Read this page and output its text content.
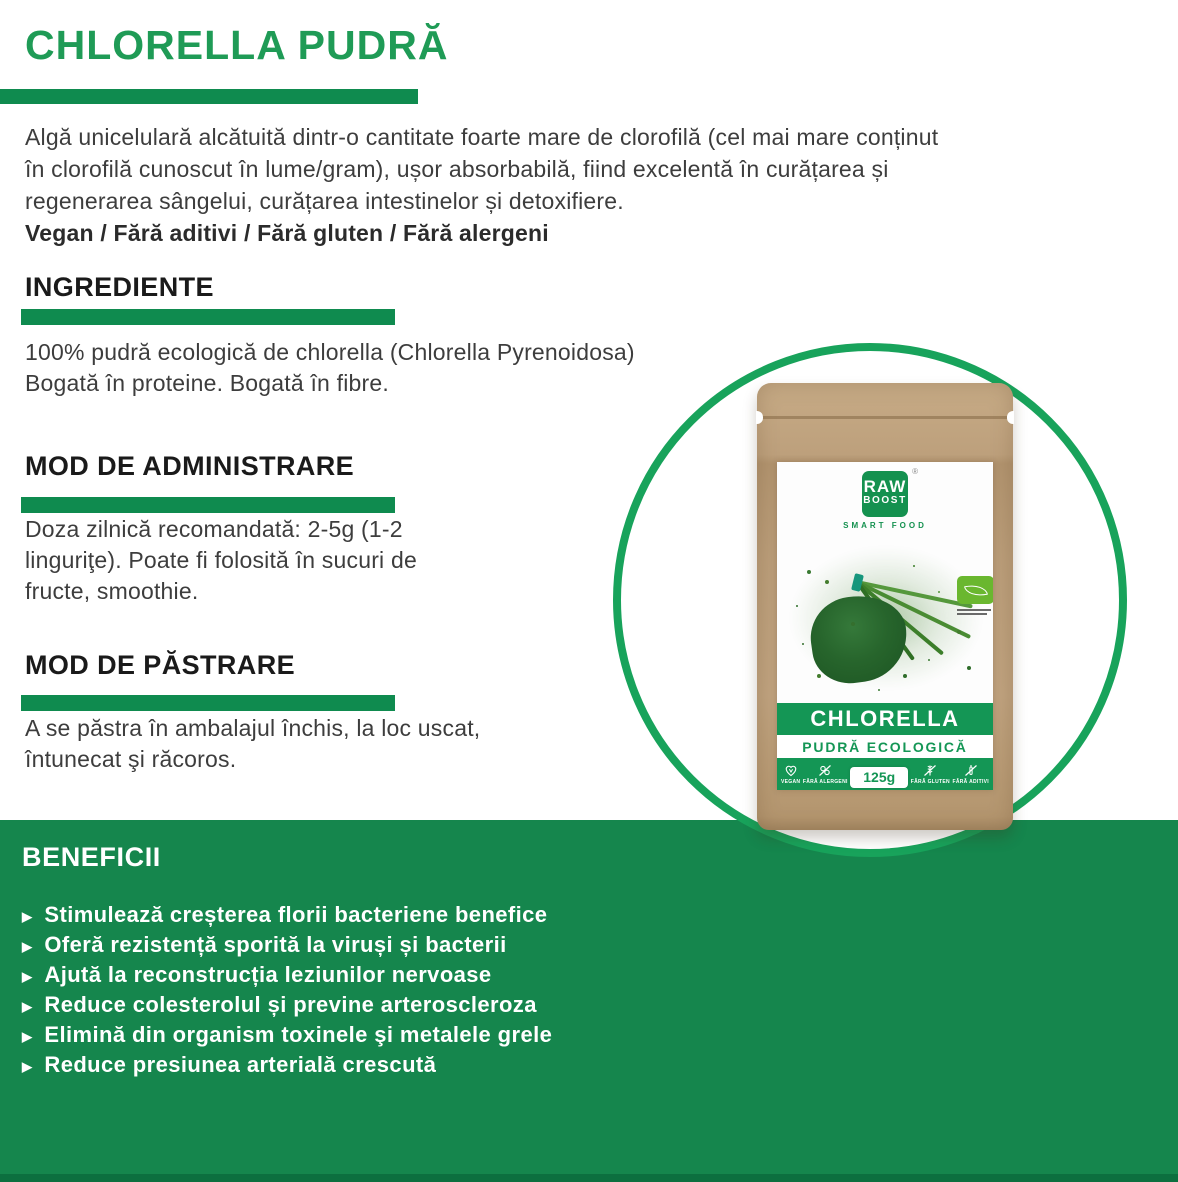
CHLORELLA PUDRĂ
Algă unicelulară alcătuită dintr-o cantitate foarte mare de clorofilă (cel mai mare conținut
în clorofilă cunoscut în lume/gram), ușor absorbabilă, fiind excelentă în curățarea și
regenerarea sângelui, curățarea intestinelor și detoxifiere.
Vegan / Fără aditivi / Fără gluten / Fără alergeni
INGREDIENTE
100% pudră ecologică de chlorella (Chlorella Pyrenoidosa)
Bogată în proteine. Bogată în fibre.
MOD DE ADMINISTRARE
Doza zilnică recomandată: 2-5g (1-2
linguriţe). Poate fi folosită în sucuri de
fructe, smoothie.
MOD DE PĂSTRARE
A se păstra în ambalajul închis, la loc uscat,
întunecat şi răcoros.
BENEFICII
▶ Stimulează creșterea florii bacteriene benefice
▶ Oferă rezistență sporită la viruși și bacterii
▶ Ajută la reconstrucția leziunilor nervoase
▶ Reduce colesterolul și previne arteroscleroza
▶ Elimină din organism toxinele şi metalele grele
▶ Reduce presiunea arterială crescută
RAW
BOOST
®
SMART FOOD
CHLORELLA
PUDRĂ ECOLOGICĂ
VEGAN FĂRĂ ALERGENI 125g	FĂRĂ GLUTEN FĂRĂ ADITIVI
